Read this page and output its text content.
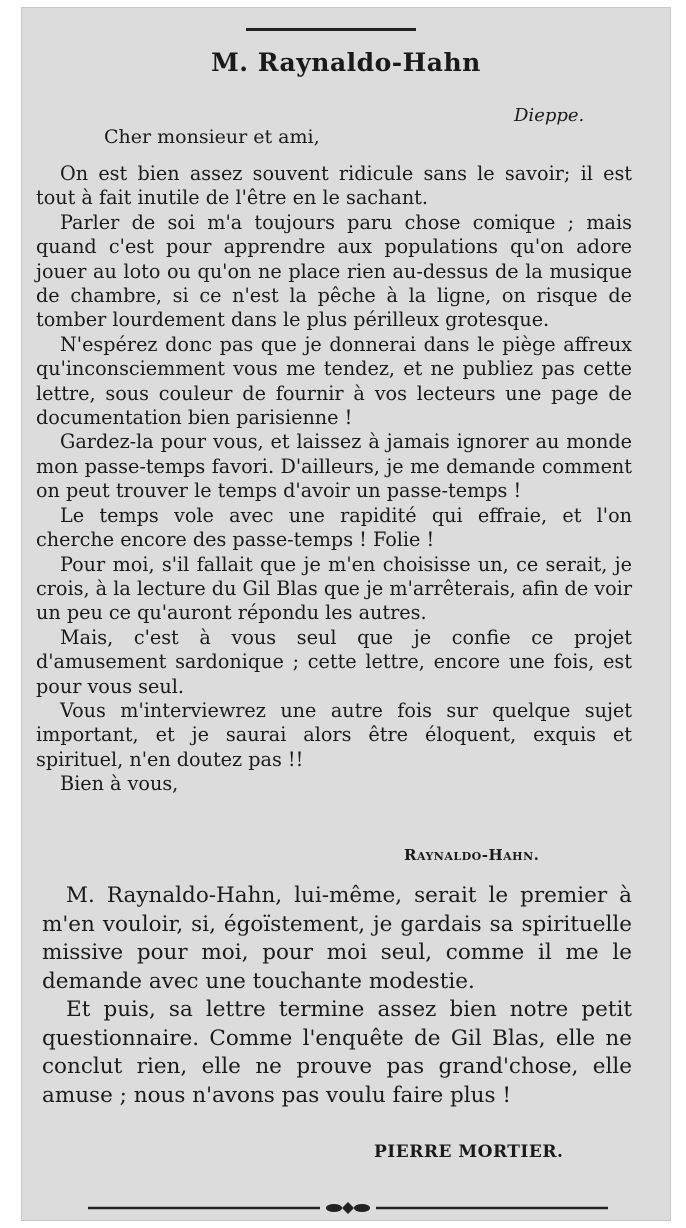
M. Raynaldo-Hahn
Dieppe.
Cher monsieur et ami,

On est bien assez souvent ridicule sans le savoir; il est tout à fait inutile de l'être en le sachant.

Parler de soi m'a toujours paru chose comique ; mais quand c'est pour apprendre aux populations qu'on adore jouer au loto ou qu'on ne place rien au-dessus de la musique de chambre, si ce n'est la pêche à la ligne, on risque de tomber lourdement dans le plus périlleux grotesque.

N'espérez donc pas que je donnerai dans le piège affreux qu'inconsciemment vous me tendez, et ne publiez pas cette lettre, sous couleur de fournir à vos lecteurs une page de documentation bien parisienne !

Gardez-la pour vous, et laissez à jamais ignorer au monde mon passe-temps favori. D'ailleurs, je me demande comment on peut trouver le temps d'avoir un passe-temps !

Le temps vole avec une rapidité qui effraie, et l'on cherche encore des passe-temps ! Folie !

Pour moi, s'il fallait que je m'en choisisse un, ce serait, je crois, à la lecture du Gil Blas que je m'arrêterais, afin de voir un peu ce qu'auront répondu les autres.

Mais, c'est à vous seul que je confie ce projet d'amusement sardonique ; cette lettre, encore une fois, est pour vous seul.

Vous m'interviewrez une autre fois sur quelque sujet important, et je saurai alors être éloquent, exquis et spirituel, n'en doutez pas !!

Bien à vous,

Raynaldo-Hahn.

M. Raynaldo-Hahn, lui-même, serait le premier à m'en vouloir, si, égoïstement, je gardais sa spirituelle missive pour moi, pour moi seul, comme il me le demande avec une touchante modestie.

Et puis, sa lettre termine assez bien notre petit questionnaire. Comme l'enquête de Gil Blas, elle ne conclut rien, elle ne prouve pas grand'chose, elle amuse ; nous n'avons pas voulu faire plus !

PIERRE MORTIER.
